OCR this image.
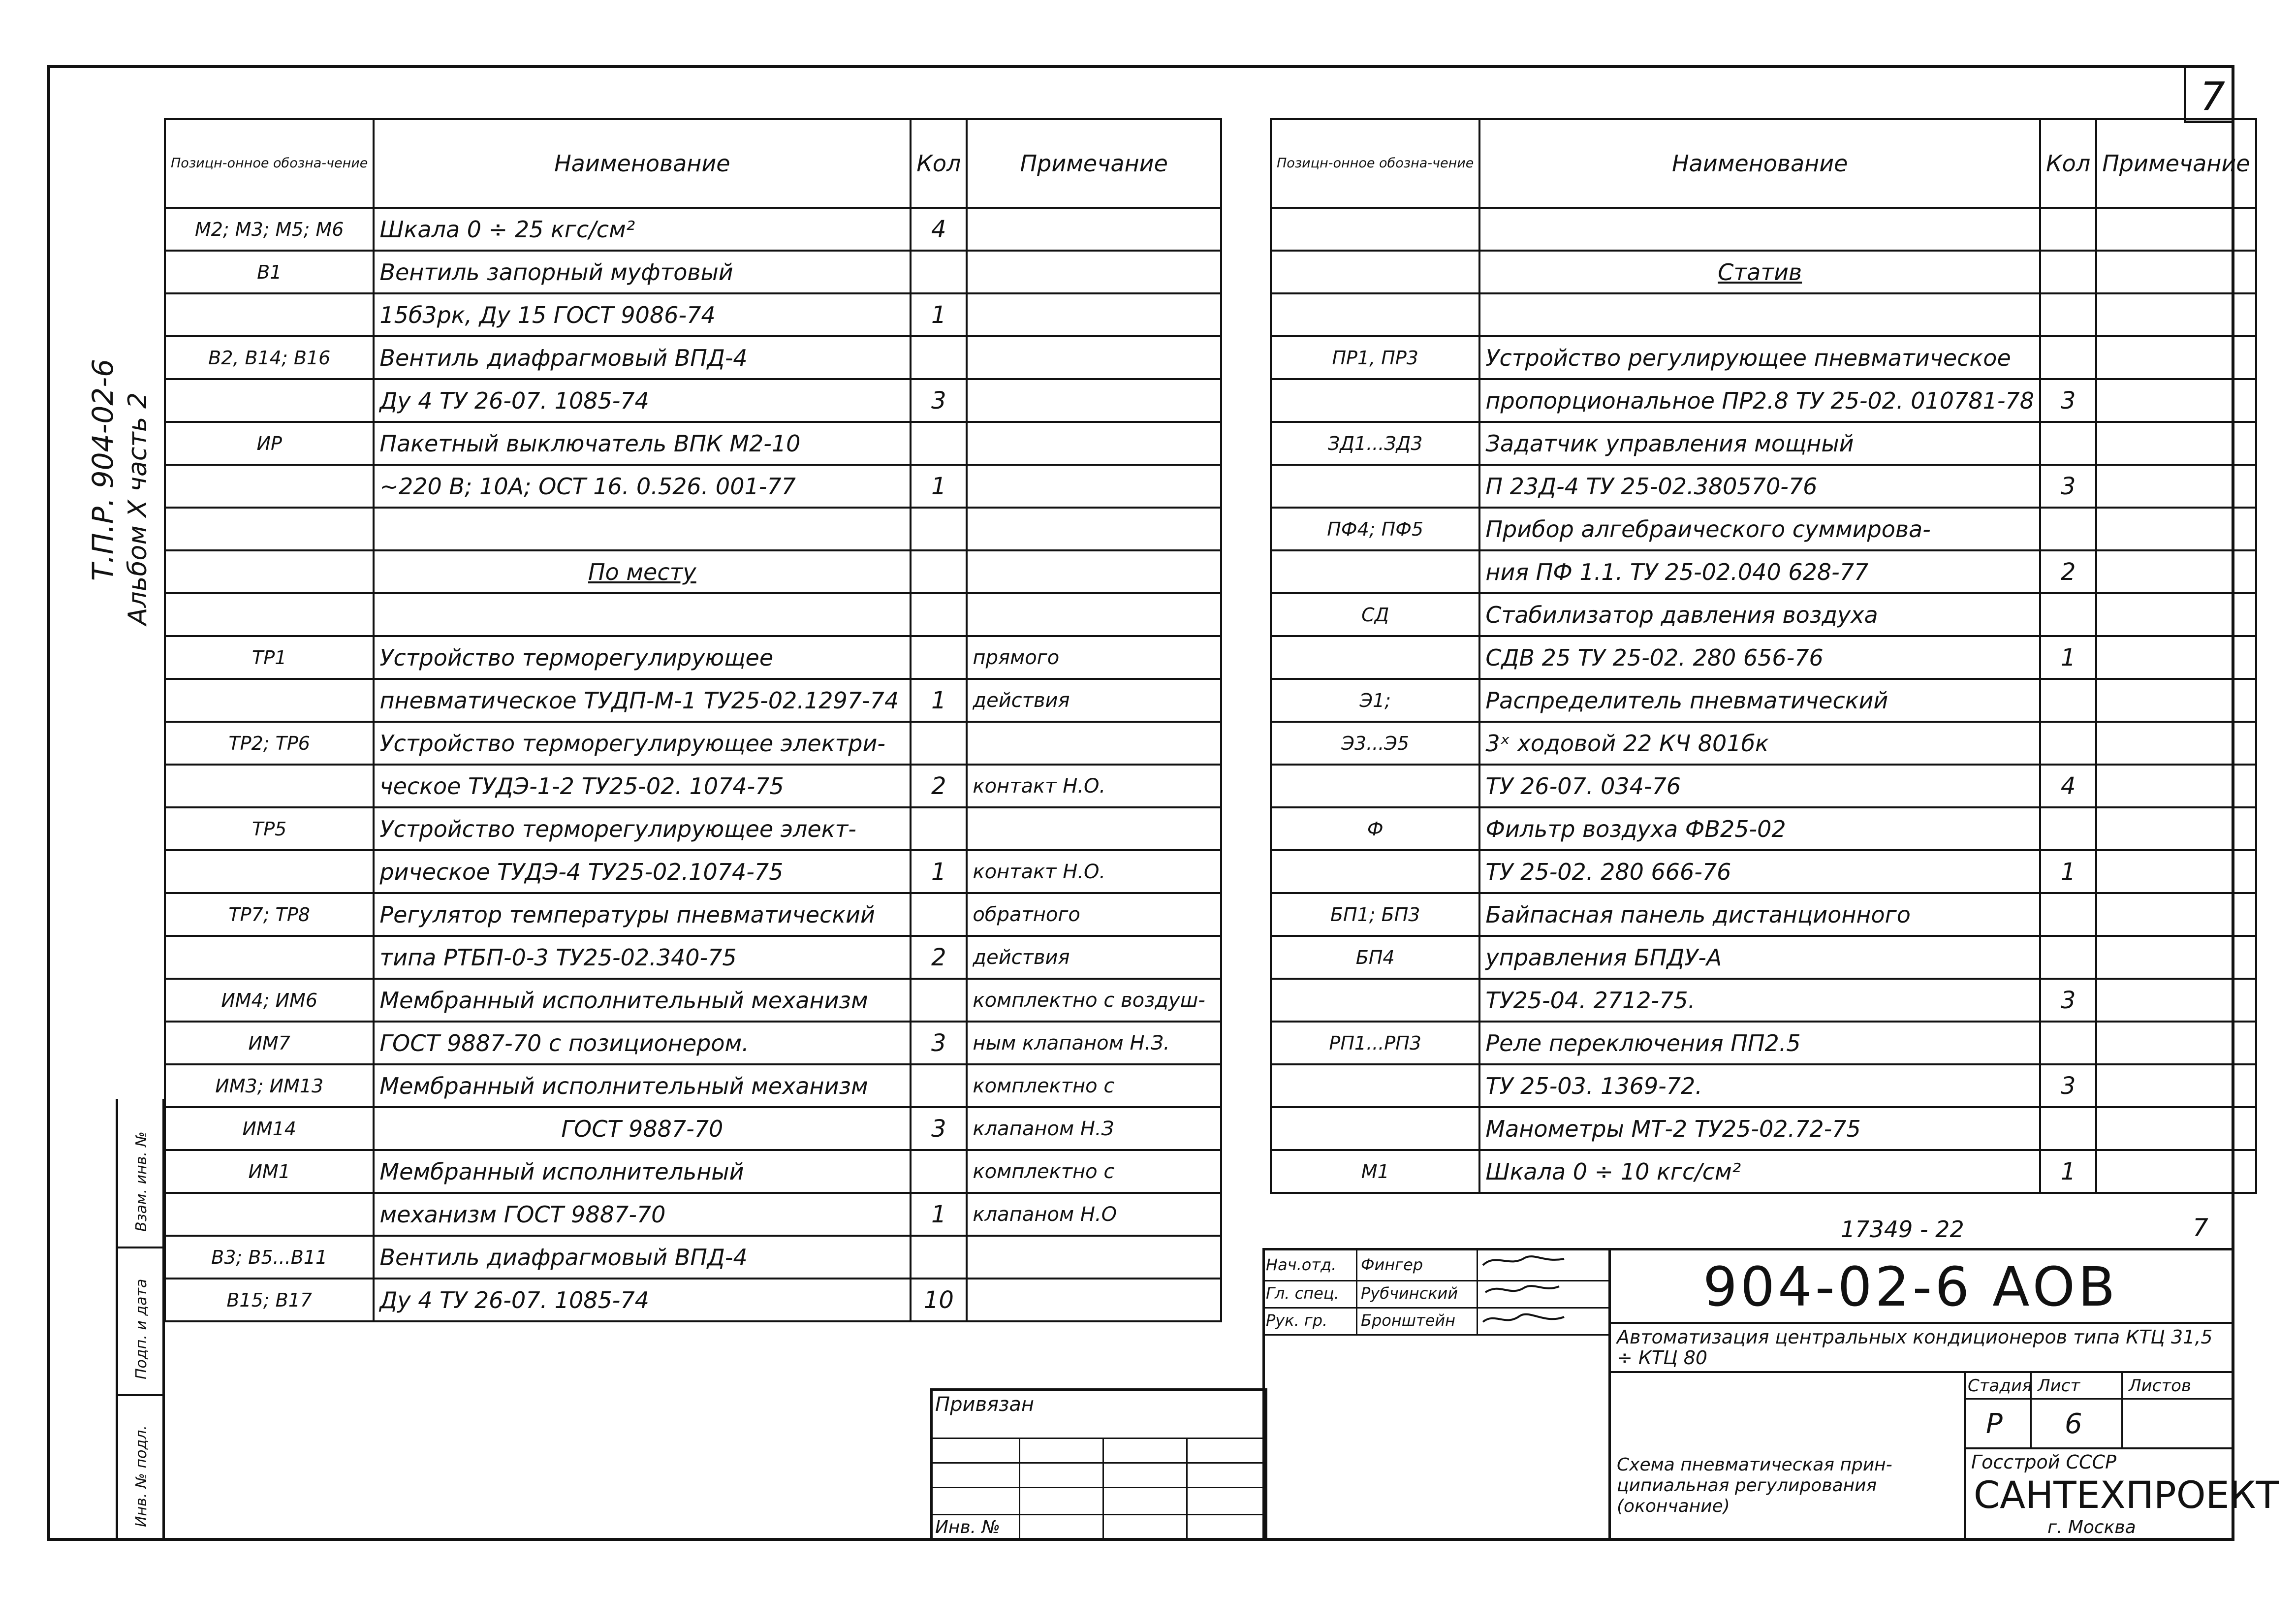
7
Т.П.Р. 904-02-6 Альбом X часть 2
Взам. инв. №
Подп. и дата
Инв. № подл.
Позицн-онное обозна-чение	Наименование	Кол	Примечание
М2; М3; М5; М6	Шкала 0 ÷ 25 кгс/см²	4	
В1	Вентиль запорный муфтовый		
	15б3рк, Ду 15 ГОСТ 9086-74	1	
В2, В14; В16	Вентиль диафрагмовый ВПД-4		
	Ду 4 ТУ 26-07. 1085-74	3	
ИР	Пакетный выключатель ВПК М2-10		
	~220 В; 10А; ОСТ 16. 0.526. 001-77	1	

	По месту		

ТР1	Устройство терморегулирующее		прямого
	пневматическое ТУДП-М-1 ТУ25-02.1297-74	1	действия
ТР2; ТР6	Устройство терморегулирующее электри-		
	ческое ТУДЭ-1-2 ТУ25-02. 1074-75	2	контакт Н.О.
ТР5	Устройство терморегулирующее элект-		
	рическое ТУДЭ-4 ТУ25-02.1074-75	1	контакт Н.О.
ТР7; ТР8	Регулятор температуры пневматический		обратного
	типа РТБП-0-3 ТУ25-02.340-75	2	действия
ИМ4; ИМ6	Мембранный исполнительный механизм		комплектно с воздуш-
ИМ7	ГОСТ 9887-70 с позиционером.	3	ным клапаном Н.З.
ИМ3; ИМ13	Мембранный исполнительный механизм		комплектно с
ИМ14	ГОСТ 9887-70	3	клапаном Н.З
ИМ1	Мембранный исполнительный		комплектно с
	механизм ГОСТ 9887-70	1	клапаном Н.О
В3; В5...В11	Вентиль диафрагмовый ВПД-4		
В15; В17	Ду 4 ТУ 26-07. 1085-74	10	
Позицн-онное обозна-чение	Наименование	Кол	Примечание

	Статив		

ПР1, ПР3	Устройство регулирующее пневматическое		
	пропорциональное ПР2.8 ТУ 25-02. 010781-78	3	
ЗД1...ЗД3	Задатчик управления мощный		
	П 23Д-4 ТУ 25-02.380570-76	3	
ПФ4; ПФ5	Прибор алгебраического суммирова-		
	ния ПФ 1.1. ТУ 25-02.040 628-77	2	
СД	Стабилизатор давления воздуха		
	СДВ 25 ТУ 25-02. 280 656-76	1	
Э1;	Распределитель пневматический		
Э3...Э5	3ˣ ходовой 22 КЧ 801бк		
	ТУ 26-07. 034-76	4	
Ф	Фильтр воздуха ФВ25-02		
	ТУ 25-02. 280 666-76	1	
БП1; БП3	Байпасная панель дистанционного		
БП4	управления БПДУ-А		
	ТУ25-04. 2712-75.	3	
РП1...РП3	Реле переключения ПП2.5		
	ТУ 25-03. 1369-72.	3	
	Манометры МТ-2 ТУ25-02.72-75		
М1	Шкала 0 ÷ 10 кгс/см²	1	
17349 - 22	7
Нач.отд. Фингер
Гл. спец. Рубчинский
Рук. гр. Бронштейн
Привязан
Инв. №
904-02-6 АОВ
Автоматизация центральных кондиционеров типа КТЦ 31,5 ÷ КТЦ 80
Стадия Лист	Листов
Р 6
Схема пневматическая прин-ципиальная регулирования (окончание)
Госстрой СССР
САНТЕХПРОЕКТ
г. Москва
